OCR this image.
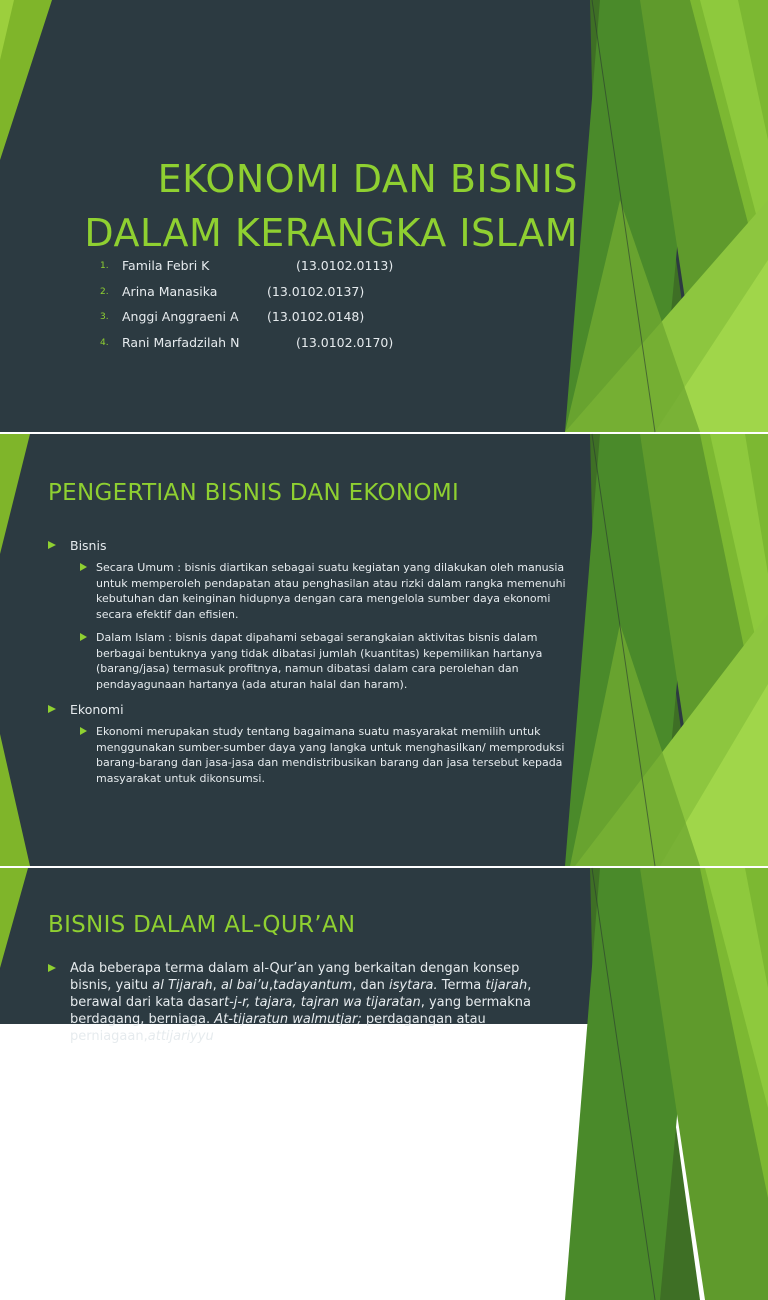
EKONOMI DAN BISNIS
DALAM KERANGKA ISLAM
1.	Famila Febri K	(13.0102.0113)
2.	Arina Manasika	(13.0102.0137)
3.	Anggi Anggraeni A (13.0102.0148)
4.	Rani Marfadzilah N	(13.0102.0170)
PENGERTIAN BISNIS DAN EKONOMI
Bisnis
Secara Umum : bisnis diartikan sebagai suatu kegiatan yang dilakukan oleh manusia untuk memperoleh pendapatan atau penghasilan atau rizki dalam rangka memenuhi kebutuhan dan keinginan hidupnya dengan cara mengelola sumber daya ekonomi secara efektif dan efisien.
Dalam Islam : bisnis dapat dipahami sebagai serangkaian aktivitas bisnis dalam berbagai bentuknya yang tidak dibatasi jumlah (kuantitas) kepemilikan hartanya (barang/jasa) termasuk profitnya, namun dibatasi dalam cara perolehan dan pendayagunaan hartanya (ada aturan halal dan haram).
Ekonomi
Ekonomi merupakan study tentang bagaimana suatu masyarakat memilih untuk menggunakan sumber-sumber daya yang langka untuk menghasilkan/ memproduksi barang-barang dan jasa-jasa dan mendistribusikan barang dan jasa tersebut kepada masyarakat untuk dikonsumsi.
BISNIS DALAM AL-QUR’AN
Ada beberapa terma dalam al-Qur’an yang berkaitan dengan konsep bisnis, yaitu al Tijarah, al bai’u,tadayantum, dan isytara. Terma tijarah, berawal dari kata dasart-j-r, tajara, tajran wa tijaratan, yang bermakna berdagang, berniaga. At-tijaratun walmutjar; perdagangan atau perniagaan,attijariyyu
